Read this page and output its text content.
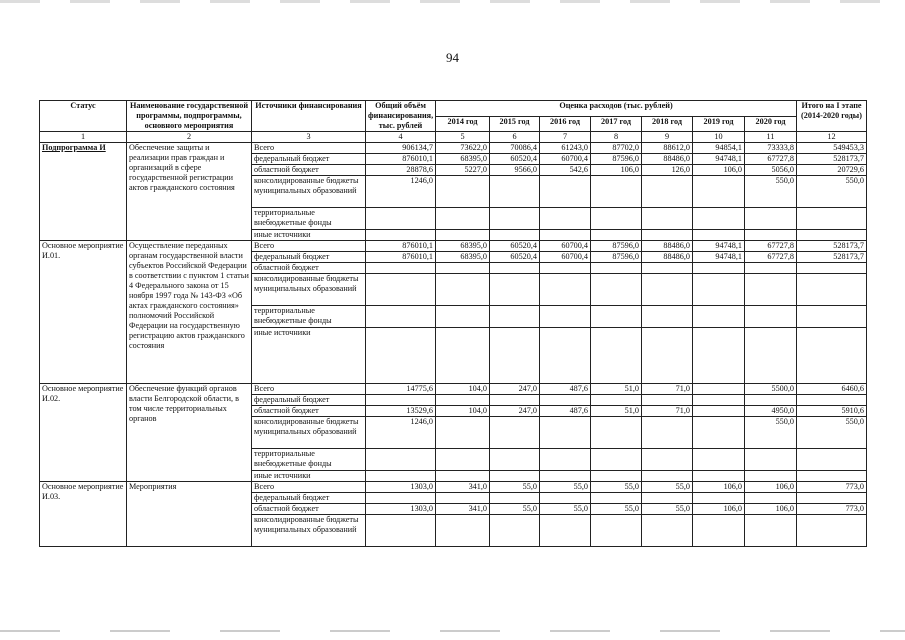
94
Статус	Наименование государственной программы, подпрограммы, основного мероприятия	Источники финансирования	Общий объём финансирования, тыс. рублей	Оценка расходов (тыс. рублей)							Итого на I этапе (2014-2020 годы)
				2014 год	2015 год	2016 год	2017 год	2018 год	2019 год	2020 год	
1	2	3	4	5	6	7	8	9	10	11	12
Подпрограмма И	Обеспечение защиты и реализации прав граждан и организаций в сфере государственной регистрации актов гражданского состояния	Всего	906134,7	73622,0	70086,4	61243,0	87702,0	88612,0	94854,1	73333,8	549453,3
		федеральный бюджет	876010,1	68395,0	60520,4	60700,4	87596,0	88486,0	94748,1	67727,8	528173,7
		областной бюджет	28878,6	5227,0	9566,0	542,6	106,0	126,0	106,0	5056,0	20729,6
		консолидированные бюджеты муниципальных образований	1246,0							550,0	550,0
		территориальные внебюджетные фонды									
		иные источники									
Основное мероприятие И.01.	Осуществление переданных органам государственной власти субъектов Российской Федерации в соответствии с пунктом 1 статьи 4 Федерального закона от 15 ноября 1997 года № 143-ФЗ «Об актах гражданского состояния» полномочий Российской Федерации на государственную регистрацию актов гражданского состояния	Всего	876010,1	68395,0	60520,4	60700,4	87596,0	88486,0	94748,1	67727,8	528173,7
		федеральный бюджет	876010,1	68395,0	60520,4	60700,4	87596,0	88486,0	94748,1	67727,8	528173,7
		областной бюджет									
		консолидированные бюджеты муниципальных образований									
		территориальные внебюджетные фонды									
		иные источники									
Основное мероприятие И.02.	Обеспечение функций органов власти Белгородской области, в том числе территориальных органов	Всего	14775,6	104,0	247,0	487,6	51,0	71,0		5500,0	6460,6
		федеральный бюджет									
		областной бюджет	13529,6	104,0	247,0	487,6	51,0	71,0		4950,0	5910,6
		консолидированные бюджеты муниципальных образований	1246,0							550,0	550,0
		территориальные внебюджетные фонды									
		иные источники									
Основное мероприятие И.03.	Мероприятия	Всего	1303,0	341,0	55,0	55,0	55,0	55,0	106,0	106,0	773,0
		федеральный бюджет									
		областной бюджет	1303,0	341,0	55,0	55,0	55,0	55,0	106,0	106,0	773,0
		консолидированные бюджеты муниципальных образований									
